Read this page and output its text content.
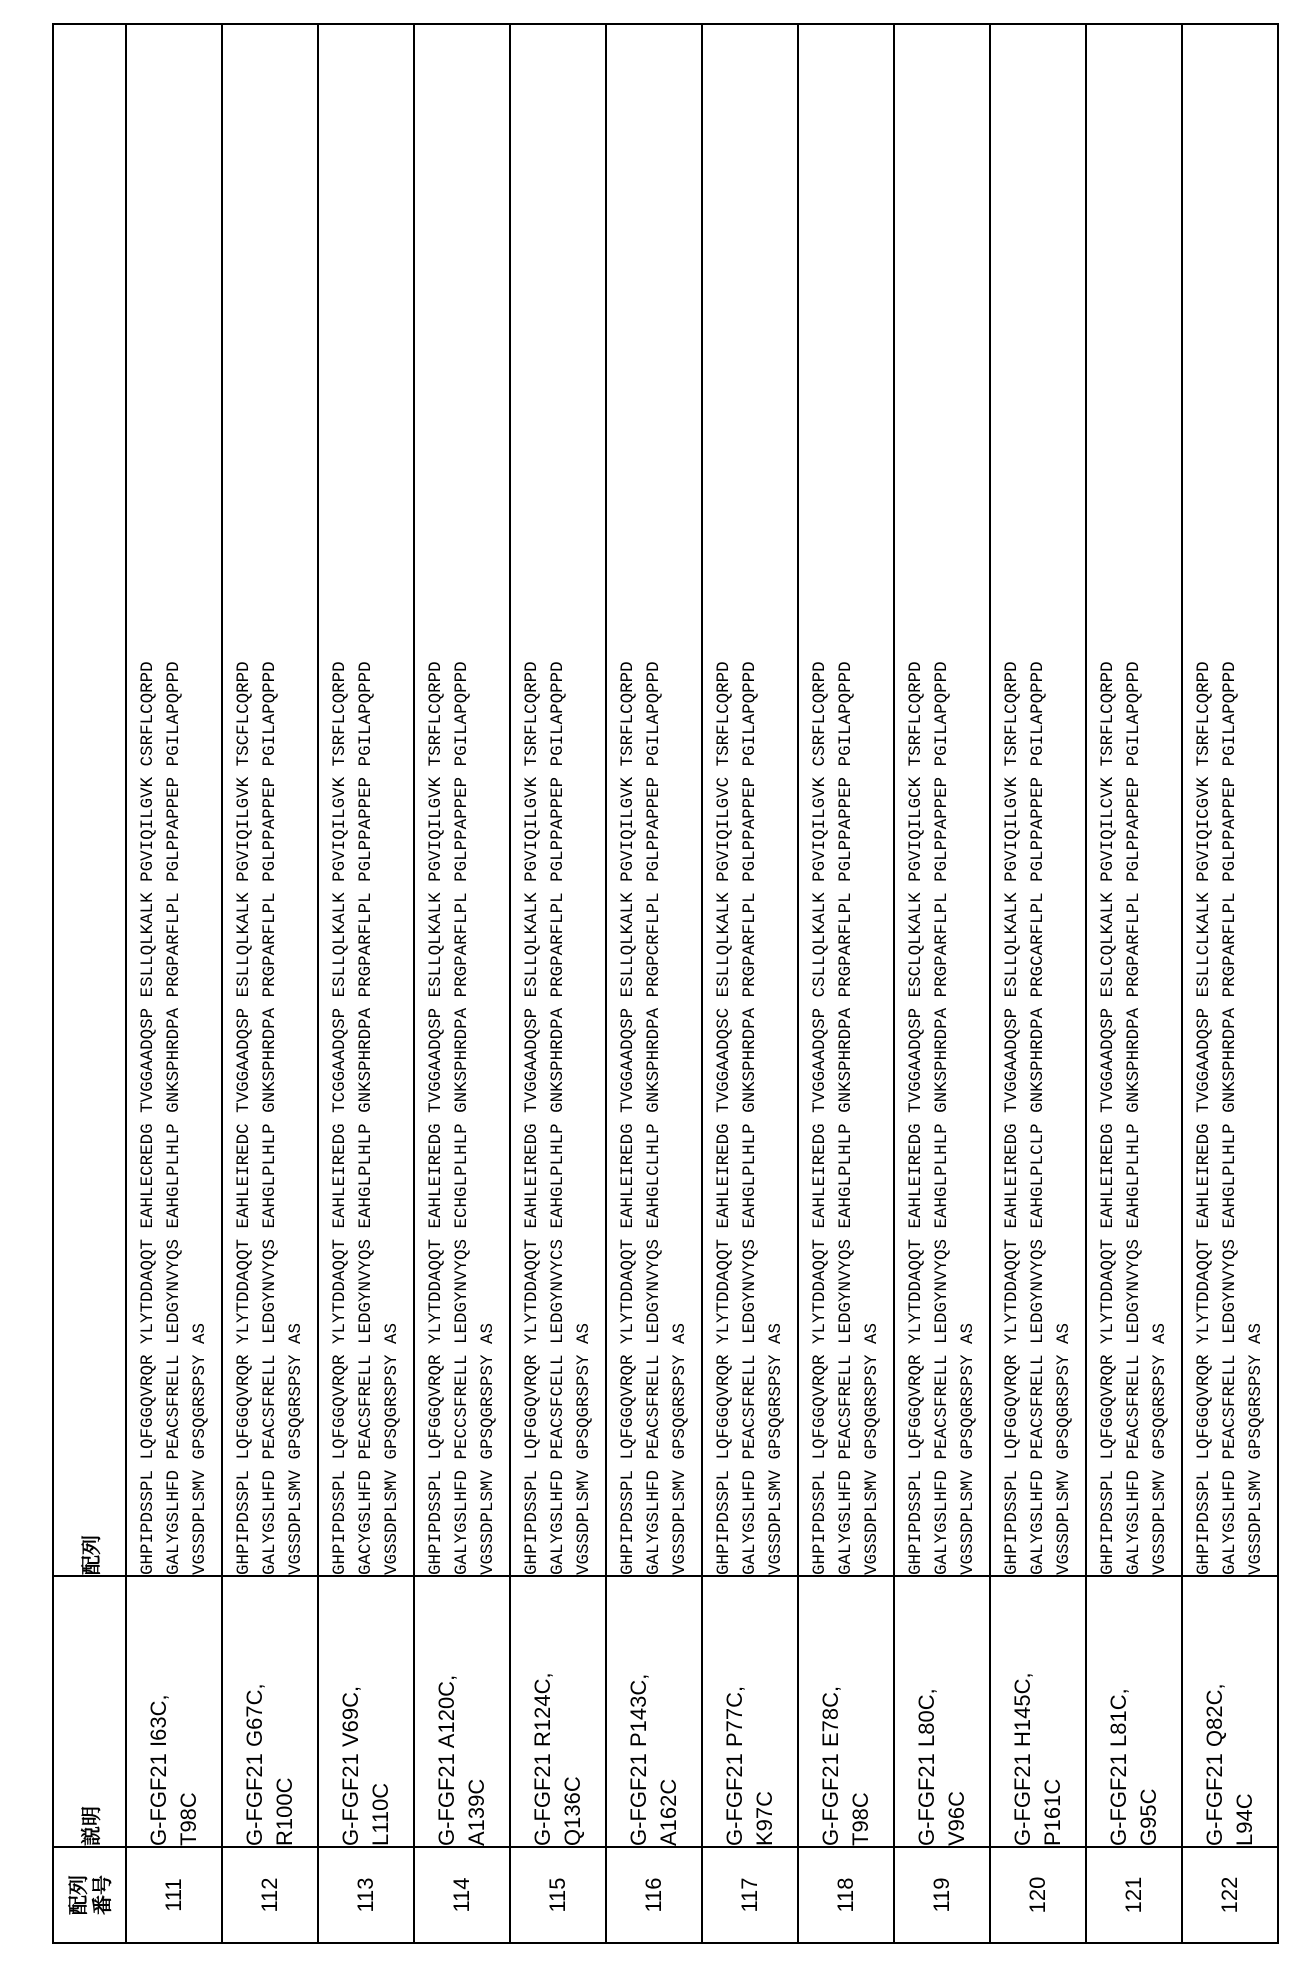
配列
番号	説明	配列
111	G-FGF21 I63C, T98C	GHPIPDSSPL LQFGGQVRQR YLYTDDAQQT EAHLECREDG TVGGAADQSP ESLLQLKALK PGVIQILGVK CSRFLCQRPD GALYGSLHFD PEACSFRELL LEDGYNVYQS EAHGLPLHLP GNKSPHRDPA PRGPARFLPL PGLPPAPPEP PGILAPQPPD VGSSDPLSMV GPSQGRSPSY AS

112	G-FGF21 G67C, R100C	GHPIPDSSPL LQFGGQVRQR YLYTDDAQQT EAHLEIREDC TVGGAADQSP ESLLQLKALK PGVIQILGVK TSCFLCQRPD GALYGSLHFD PEACSFRELL LEDGYNVYQS EAHGLPLHLP GNKSPHRDPA PRGPARFLPL PGLPPAPPEP PGILAPQPPD VGSSDPLSMV GPSQGRSPSY AS

113	G-FGF21 V69C, L110C	GHPIPDSSPL LQFGGQVRQR YLYTDDAQQT EAHLEIREDG TCGGAADQSP ESLLQLKALK PGVIQILGVK TSRFLCQRPD GACYGSLHFD PEACSFRELL LEDGYNVYQS EAHGLPLHLP GNKSPHRDPA PRGPARFLPL PGLPPAPPEP PGILAPQPPD VGSSDPLSMV GPSQGRSPSY AS

114	G-FGF21 A120C, A139C	GHPIPDSSPL LQFGGQVRQR YLYTDDAQQT EAHLEIREDG TVGGAADQSP ESLLQLKALK PGVIQILGVK TSRFLCQRPD GALYGSLHFD PECCSFRELL LEDGYNVYQS ECHGLPLHLP GNKSPHRDPA PRGPARFLPL PGLPPAPPEP PGILAPQPPD VGSSDPLSMV GPSQGRSPSY AS

115	G-FGF21 R124C, Q136C	GHPIPDSSPL LQFGGQVRQR YLYTDDAQQT EAHLEIREDG TVGGAADQSP ESLLQLKALK PGVIQILGVK TSRFLCQRPD GALYGSLHFD PEACSFCELL LEDGYNVYCS EAHGLPLHLP GNKSPHRDPA PRGPARFLPL PGLPPAPPEP PGILAPQPPD VGSSDPLSMV GPSQGRSPSY AS

116	G-FGF21 P143C, A162C	GHPIPDSSPL LQFGGQVRQR YLYTDDAQQT EAHLEIREDG TVGGAADQSP ESLLQLKALK PGVIQILGVK TSRFLCQRPD GALYGSLHFD PEACSFRELL LEDGYNVYQS EAHGLCLHLP GNKSPHRDPA PRGPCRFLPL PGLPPAPPEP PGILAPQPPD VGSSDPLSMV GPSQGRSPSY AS

117	G-FGF21 P77C, K97C	GHPIPDSSPL LQFGGQVRQR YLYTDDAQQT EAHLEIREDG TVGGAADQSC ESLLQLKALK PGVIQILGVC TSRFLCQRPD GALYGSLHFD PEACSFRELL LEDGYNVYQS EAHGLPLHLP GNKSPHRDPA PRGPARFLPL PGLPPAPPEP PGILAPQPPD VGSSDPLSMV GPSQGRSPSY AS

118	G-FGF21 E78C, T98C	GHPIPDSSPL LQFGGQVRQR YLYTDDAQQT EAHLEIREDG TVGGAADQSP CSLLQLKALK PGVIQILGVK CSRFLCQRPD GALYGSLHFD PEACSFRELL LEDGYNVYQS EAHGLPLHLP GNKSPHRDPA PRGPARFLPL PGLPPAPPEP PGILAPQPPD VGSSDPLSMV GPSQGRSPSY AS

119	G-FGF21 L80C, V96C	GHPIPDSSPL LQFGGQVRQR YLYTDDAQQT EAHLEIREDG TVGGAADQSP ESCLQLKALK PGVIQILGCK TSRFLCQRPD GALYGSLHFD PEACSFRELL LEDGYNVYQS EAHGLPLHLP GNKSPHRDPA PRGPARFLPL PGLPPAPPEP PGILAPQPPD VGSSDPLSMV GPSQGRSPSY AS

120	G-FGF21 H145C, P161C	GHPIPDSSPL LQFGGQVRQR YLYTDDAQQT EAHLEIREDG TVGGAADQSP ESLLQLKALK PGVIQILGVK TSRFLCQRPD GALYGSLHFD PEACSFRELL LEDGYNVYQS EAHGLPLCLP GNKSPHRDPA PRGCARFLPL PGLPPAPPEP PGILAPQPPD VGSSDPLSMV GPSQGRSPSY AS

121	G-FGF21 L81C, G95C	GHPIPDSSPL LQFGGQVRQR YLYTDDAQQT EAHLEIREDG TVGGAADQSP ESLCQLKALK PGVIQILCVK TSRFLCQRPD GALYGSLHFD PEACSFRELL LEDGYNVYQS EAHGLPLHLP GNKSPHRDPA PRGPARFLPL PGLPPAPPEP PGILAPQPPD VGSSDPLSMV GPSQGRSPSY AS

122	G-FGF21 Q82C, L94C	GHPIPDSSPL LQFGGQVRQR YLYTDDAQQT EAHLEIREDG TVGGAADQSP ESLLCLKALK PGVIQICGVK TSRFLCQRPD GALYGSLHFD PEACSFRELL LEDGYNVYQS EAHGLPLHLP GNKSPHRDPA PRGPARFLPL PGLPPAPPEP PGILAPQPPD VGSSDPLSMV GPSQGRSPSY AS
